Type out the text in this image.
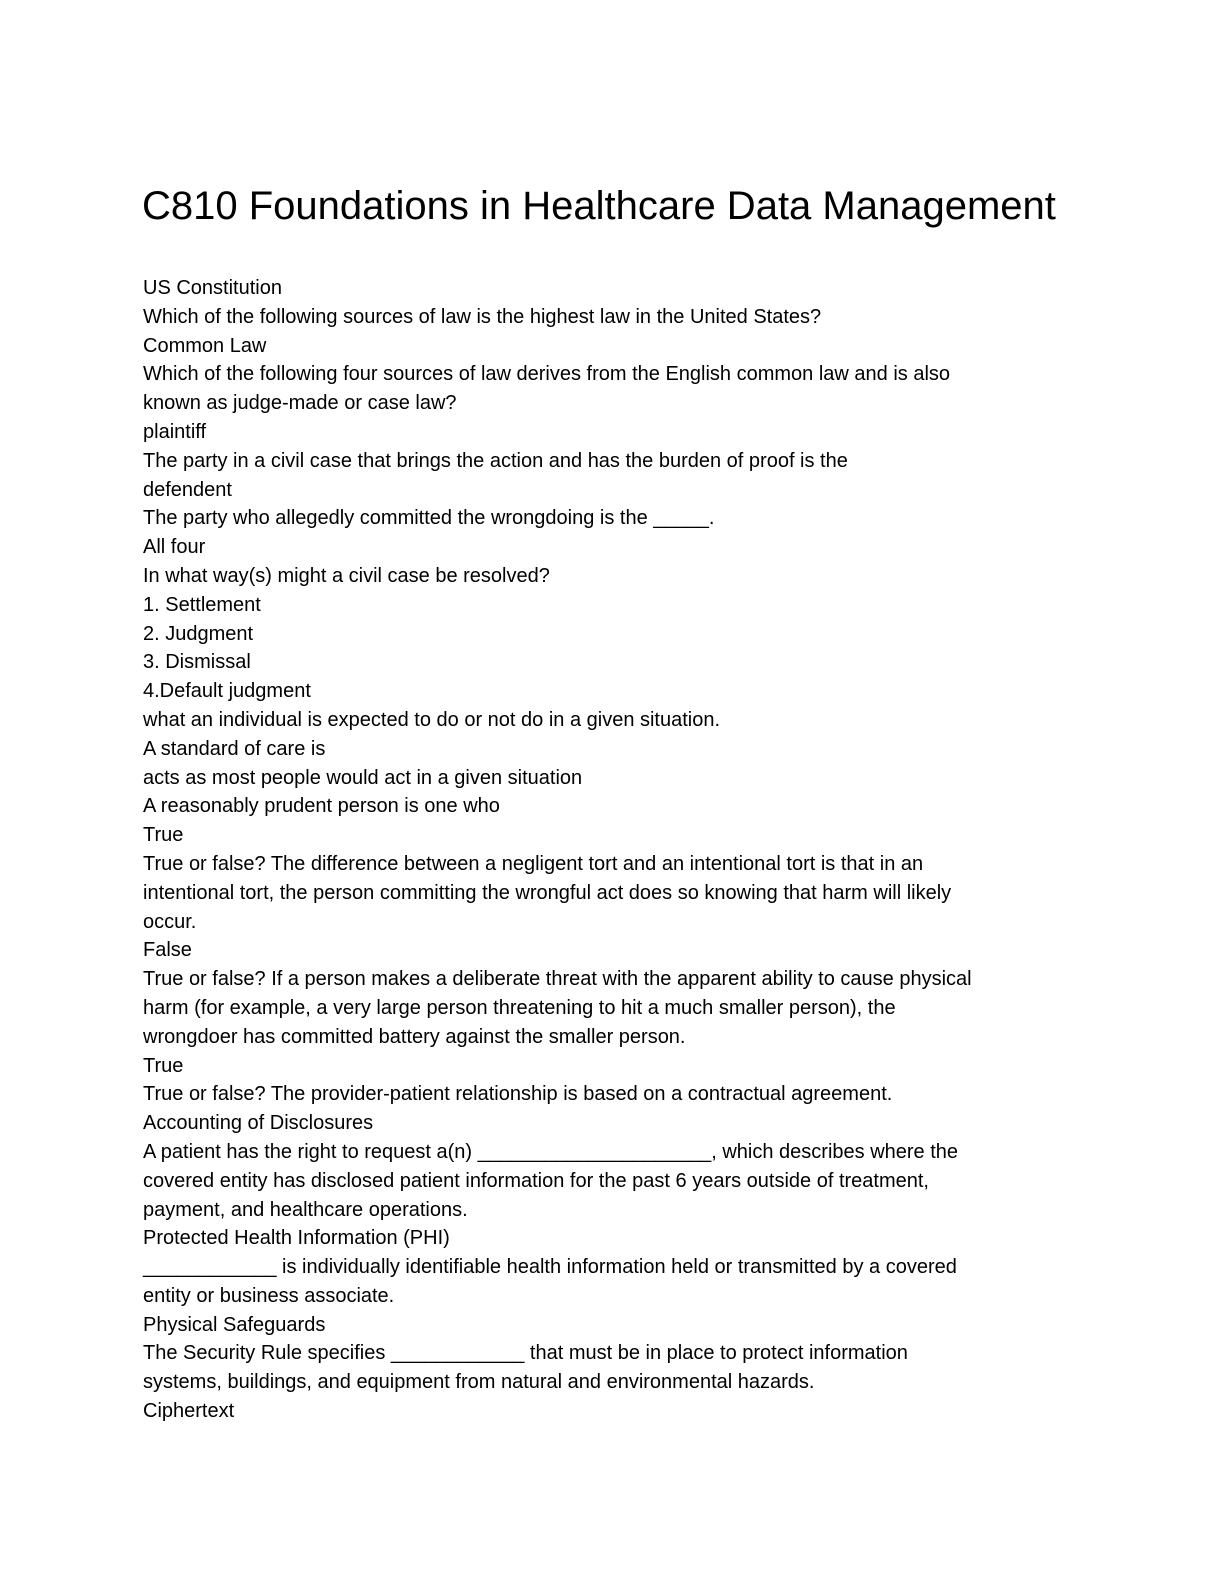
C810 Foundations in Healthcare Data Management
US Constitution
Which of the following sources of law is the highest law in the United States?
Common Law
Which of the following four sources of law derives from the English common law and is also
known as judge-made or case law?
plaintiff
The party in a civil case that brings the action and has the burden of proof is the
defendent
The party who allegedly committed the wrongdoing is the _____.
All four
In what way(s) might a civil case be resolved?
1. Settlement
2. Judgment
3. Dismissal
4.Default judgment
what an individual is expected to do or not do in a given situation.
A standard of care is
acts as most people would act in a given situation
A reasonably prudent person is one who
True
True or false? The difference between a negligent tort and an intentional tort is that in an
intentional tort, the person committing the wrongful act does so knowing that harm will likely
occur.
False
True or false? If a person makes a deliberate threat with the apparent ability to cause physical
harm (for example, a very large person threatening to hit a much smaller person), the
wrongdoer has committed battery against the smaller person.
True
True or false? The provider-patient relationship is based on a contractual agreement.
Accounting of Disclosures
A patient has the right to request a(n) _____________________, which describes where the
covered entity has disclosed patient information for the past 6 years outside of treatment,
payment, and healthcare operations.
Protected Health Information (PHI)
____________ is individually identifiable health information held or transmitted by a covered
entity or business associate.
Physical Safeguards
The Security Rule specifies ____________ that must be in place to protect information
systems, buildings, and equipment from natural and environmental hazards.
Ciphertext
